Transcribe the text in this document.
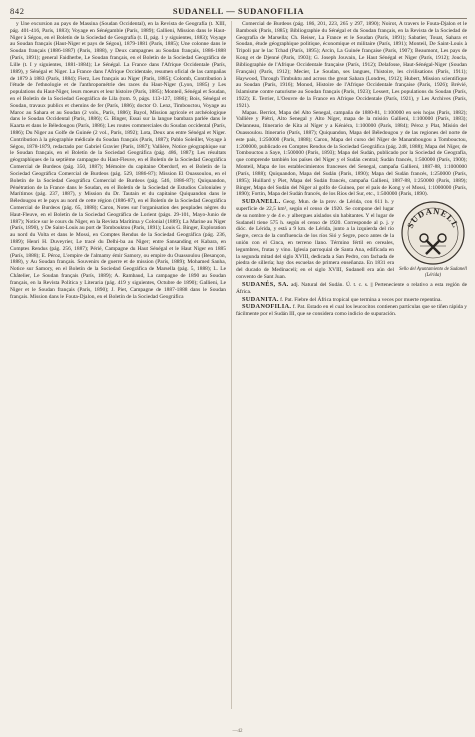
842	SUDANELL — SUDANOFILIA

y Une excursion au pays de Massina (Soudan Occidental), en la Revista de Geografía (t. XIII, pág. 401-416, París, 1883); Voyage en Sénégambie (París, 1889); Gallieni, Mission dans le Haut-Niger à Ségou, en el Boletín de la Sociedad de Geografía (t. II, pág. 1 y siguientes, 1883); Voyage au Soudan français (Haut-Niger et pays de Ségou), 1879-1881 (París, 1885); Une colonne dans le Soudan français (1886-1887) (París, 1888), y Deux campagnes au Soudan français, 1886-1888 (París, 1891); general Faidherbe, Le Soudan français, en el Boletín de la Sociedad Geográfica de Lille (t. I y siguientes, 1881-1884); Le Sénégal. La France dans l'Afrique Occidentale (París, 1889), y Sénégal et Niger. La France dans l'Afrique Occidentale, resumen oficial de las campañas de 1879 à 1883 (París, 1884); Fierz, Les français au Niger (París, 1885); Colomb, Contribution à l'étude de l'ethnologie et de l'anthropométrie des races du Haut-Niger (Lyon, 1885) y Les populations du Haut-Niger, leurs moeurs et leur histoire (París, 1885); Monteil, Sénégal et Soudan, en el Boletín de la Sociedad Geográfica de Lila (tom. 9, págs. 113-127, 1886); Bois, Sénégal et Soudan, travaux publics et chemins de fer (París, 1886); doctor O. Lenz, Timbouctou, Voyage au Maroc au Sahara et au Soudan (2 vols., París, 1886); Bayol, Mission agricole et archéologique dans le Soudan Occidental (París, 1886); G. Binger, Essai sur la langue bambara parlée dans le Kaarta et dans le Béledougou (París, 1886); Les routes commerciales du Soudan occidental (París, 1886); Du Niger au Golfe de Guinée (2 vol., París, 1892); Lota, Deux ans entre Sénégal et Niger. Contribution à la géographie médicale du Soudan français (París, 1887); Pablo Soleillet, Voyage à Ségou, 1878-1879, redactado por Gabriel Gravier (París, 1887); Vallière, Notice géographique sur le Soudan français, en el Boletín de la Sociedad Geográfica (pág. 486, 1887); Les résultats géographiques de la septième campagne du Haut-Fleuve, en el Boletín de la Sociedad Geográfica Comercial de Burdeos (pág. 350, 1887); Mémoire du capitaine Oberdorf, en el Boletín de la Sociedad Geográfica Comercial de Burdeos (pág. 529, 1886-87); Mission El Ouassoulou, en el Boletín de la Sociedad Geográfica Comercial de Burdeos (pág. 546, 1886-87); Quiquandon, Pénétration de la France dans le Soudan, en el Boletín de la Sociedad de Estudios Coloniales y Marítimos (pág. 237, 1887), y Mission du Dr. Tautain et du capitaine Quiquandon dans le Béledougou et le pays au nord de cette région (1886-87), en el Boletín de la Sociedad Geográfica Comercial de Burdeos (pág. 65, 1888); Caron, Notes sur l'organisation des peuplades nègres du Haut-Fleuve, en el Boletín de la Sociedad Geográfica de Lorient (págs. 29-101, Mayo-Junio de 1887); Notice sur le cours du Niger, en la Revista Marítima y Colonial (1889); La Marine au Niger (París, 1890), y De Saint-Louis au port de Tombouktou (París, 1891); Louis G. Binger, Exploration au nord du Volta et dans le Mossi, en Comptes Rendus de la Sociedad Geográfica (pág. 236, 1889); Henri H. Duveyrier, Le tracé du Delhi-ba au Niger; entre Sansanding et Kabara, en Comptes Rendus (pág. 256, 1887); Périé, Campagne du Haut Sénégal et le Haut Niger en 1885 (París, 1888); E. Péroz, L'empire de l'almamy émir Samory, ou empire du Ouassoulou (Besançon, 1888), y Au Soudan français. Souvenirs de guerre et de mission (París, 1889); Mohamed Sanha, Notice sur Samory, en el Boletín de la Sociedad Geográfica de Marsella (pág. 5, 1888); L. Le Châtelier, Le Soudan français (París, 1889); A. Rambaud, La campagne de 1890 au Soudan français, en la Revista Política y Literaria (pág. 419 y siguientes, Octubre de 1890); Gallieni, Le Niger et le Soudan français (París, 1890); J. Piet, Campagne de 1887-1888 dans le Soudan français. Mission dans le Fouta-Djalon, en el Boletín de la Sociedad Geográfica

Comercial de Burdeos (pág. 186, 201, 223, 265 y 297, 1890); Noirot, A travers le Fouta-Djalon et le Bambouk (París, 1885); Bibliographie du Sénégal et du Soudan français, en la Revista de la Sociedad de Geografía de Marsella; Ch. Reiser, La France et le Soudan (París, 1891); Sabatier, Touat, Sahara et Soudan, étude géographique politique, économique et militaire (París, 1891); Monteil, De Saint-Louis à Tripoli par le lac Tchad (París, 1895); Arcin, La Guinée française (París, 1907); Beaumont, Les pays de Kong et de Djenné (París, 1903); G. Joseph Jouvain, Le Haut Sénégal et Niger (París, 1912); Joucla, Bibliographie de l'Afrique Occidentale française (París, 1912); Delafosse, Haut-Sénégal-Niger (Soudan Français) (París, 1912); Mecier, Le Soudan, ses langues, l'histoire, les civilisations (París, 1911); Haywood, Through Timbuktu and across the great Sahara (Londres, 1912); Hubert, Mission scientifique au Soudan (París, 1916); Monod, Histoire de l'Afrique Occidentale française (París, 1926); Brévié, Islamisme contre naturisme au Soudan français (París, 1923); Lessert, Les populations du Soudan (París, 1922); E. Terrier, L'Oeuvre de la France en Afrique Occidentale (París, 1921), y Les Archives (París, 1921).

Mapas. Berriot, Mapa del Alto Senegal, campaña de 1880-81, 1:100000 en seis hojas (París, 1882); Vallière y Piétri, Alto Senegal y Alto Níger, mapa de la misión Gallieni, 1:100000 (París, 1883); Delanneau, Itinerario de Kita al Níger y a Kéniéra, 1:100000 (París, 1884); Péroz y Plat, Misión del Ouassoulou. Itinerario (París, 1887); Quiquandon, Mapa del Béledougou y de las regiones del norte de este país, 1:250000 (París, 1888); Caron, Mapa del curso del Níger de Manambougou a Tombouctou, 1:200000, publicado en Comptes Rendus de la Sociedad Geográfica (pág. 248, 1888); Mapa del Níger, de Tombouctou a Saye, 1:500000 (París, 1893); Mapa del Sudán, publicado por la Sociedad de Geografía, que comprende también los países del Níger y el Sudán central; Sudán francés, 1:500000 (París, 1900); Monteil, Mapa de los establecimientos franceses del Senegal, campaña Gallieni, 1887-88, 1:1000000 (París, 1888); Quiquandon, Mapa del Sudán (París, 1890); Mapa del Sudán francés, 1:250000 (París, 1895); Huillard y Piet, Mapa del Sudán francés, campaña Gallieni, 1887-88, 1:250000 (París, 1889); Binger, Mapa del Sudán del Níger al golfo de Guinea, por el país de Kong y el Mossi, 1:1000000 (París, 1890); Fortin, Mapa del Sudán francés, de los Ríos del Sur, etc., 1:500000 (París, 1890).

SUDANELL
Sello del Ayuntamiento de Sudanell (Lérida)

SUDANELL. Geog. Mun. de la prov. de Lérida, con 611 h. y superficie de 22,5 km², según el censo de 1920. Se compone del lugar de su nombre y de 4 e. y albergues aislados sin habitantes. Y el lugar de Sudanell tiene 575 h. según el censo de 1920. Corresponde al p. j. y dióc. de Lérida, y está a 9 km. de Lérida, junto a la izquierda del río Segre, cerca de la confluencia de los ríos Sió y Segre, poco antes de la unión con el Cinca, en terreno llano. Término fértil en cereales, legumbres, frutas y vino. Iglesia parroquial de Santa Ana, edificada en la segunda mitad del siglo XVIII, dedicada a San Pedro, con fachada de piedra de sillería; hay dos escuelas de primera enseñanza. En 1831 era del ducado de Medinaceli; en el siglo XVIII, Sudanell era aún del convento de Sant Juan.

SUDANÉS, SA. adj. Natural del Sudán. Ú. t. c. s. || Perteneciente o relativo a esta región de África.

SUDANITA. f. Pat. Fiebre del África tropical que termina a veces por muerte repentina.

SUDANOFILIA. f. Pat. Estado en el cual los leucocitos contienen partículas que se tiñen rápida y fácilmente por el Sudán III, que se considera como indicio de supuración.

—42
